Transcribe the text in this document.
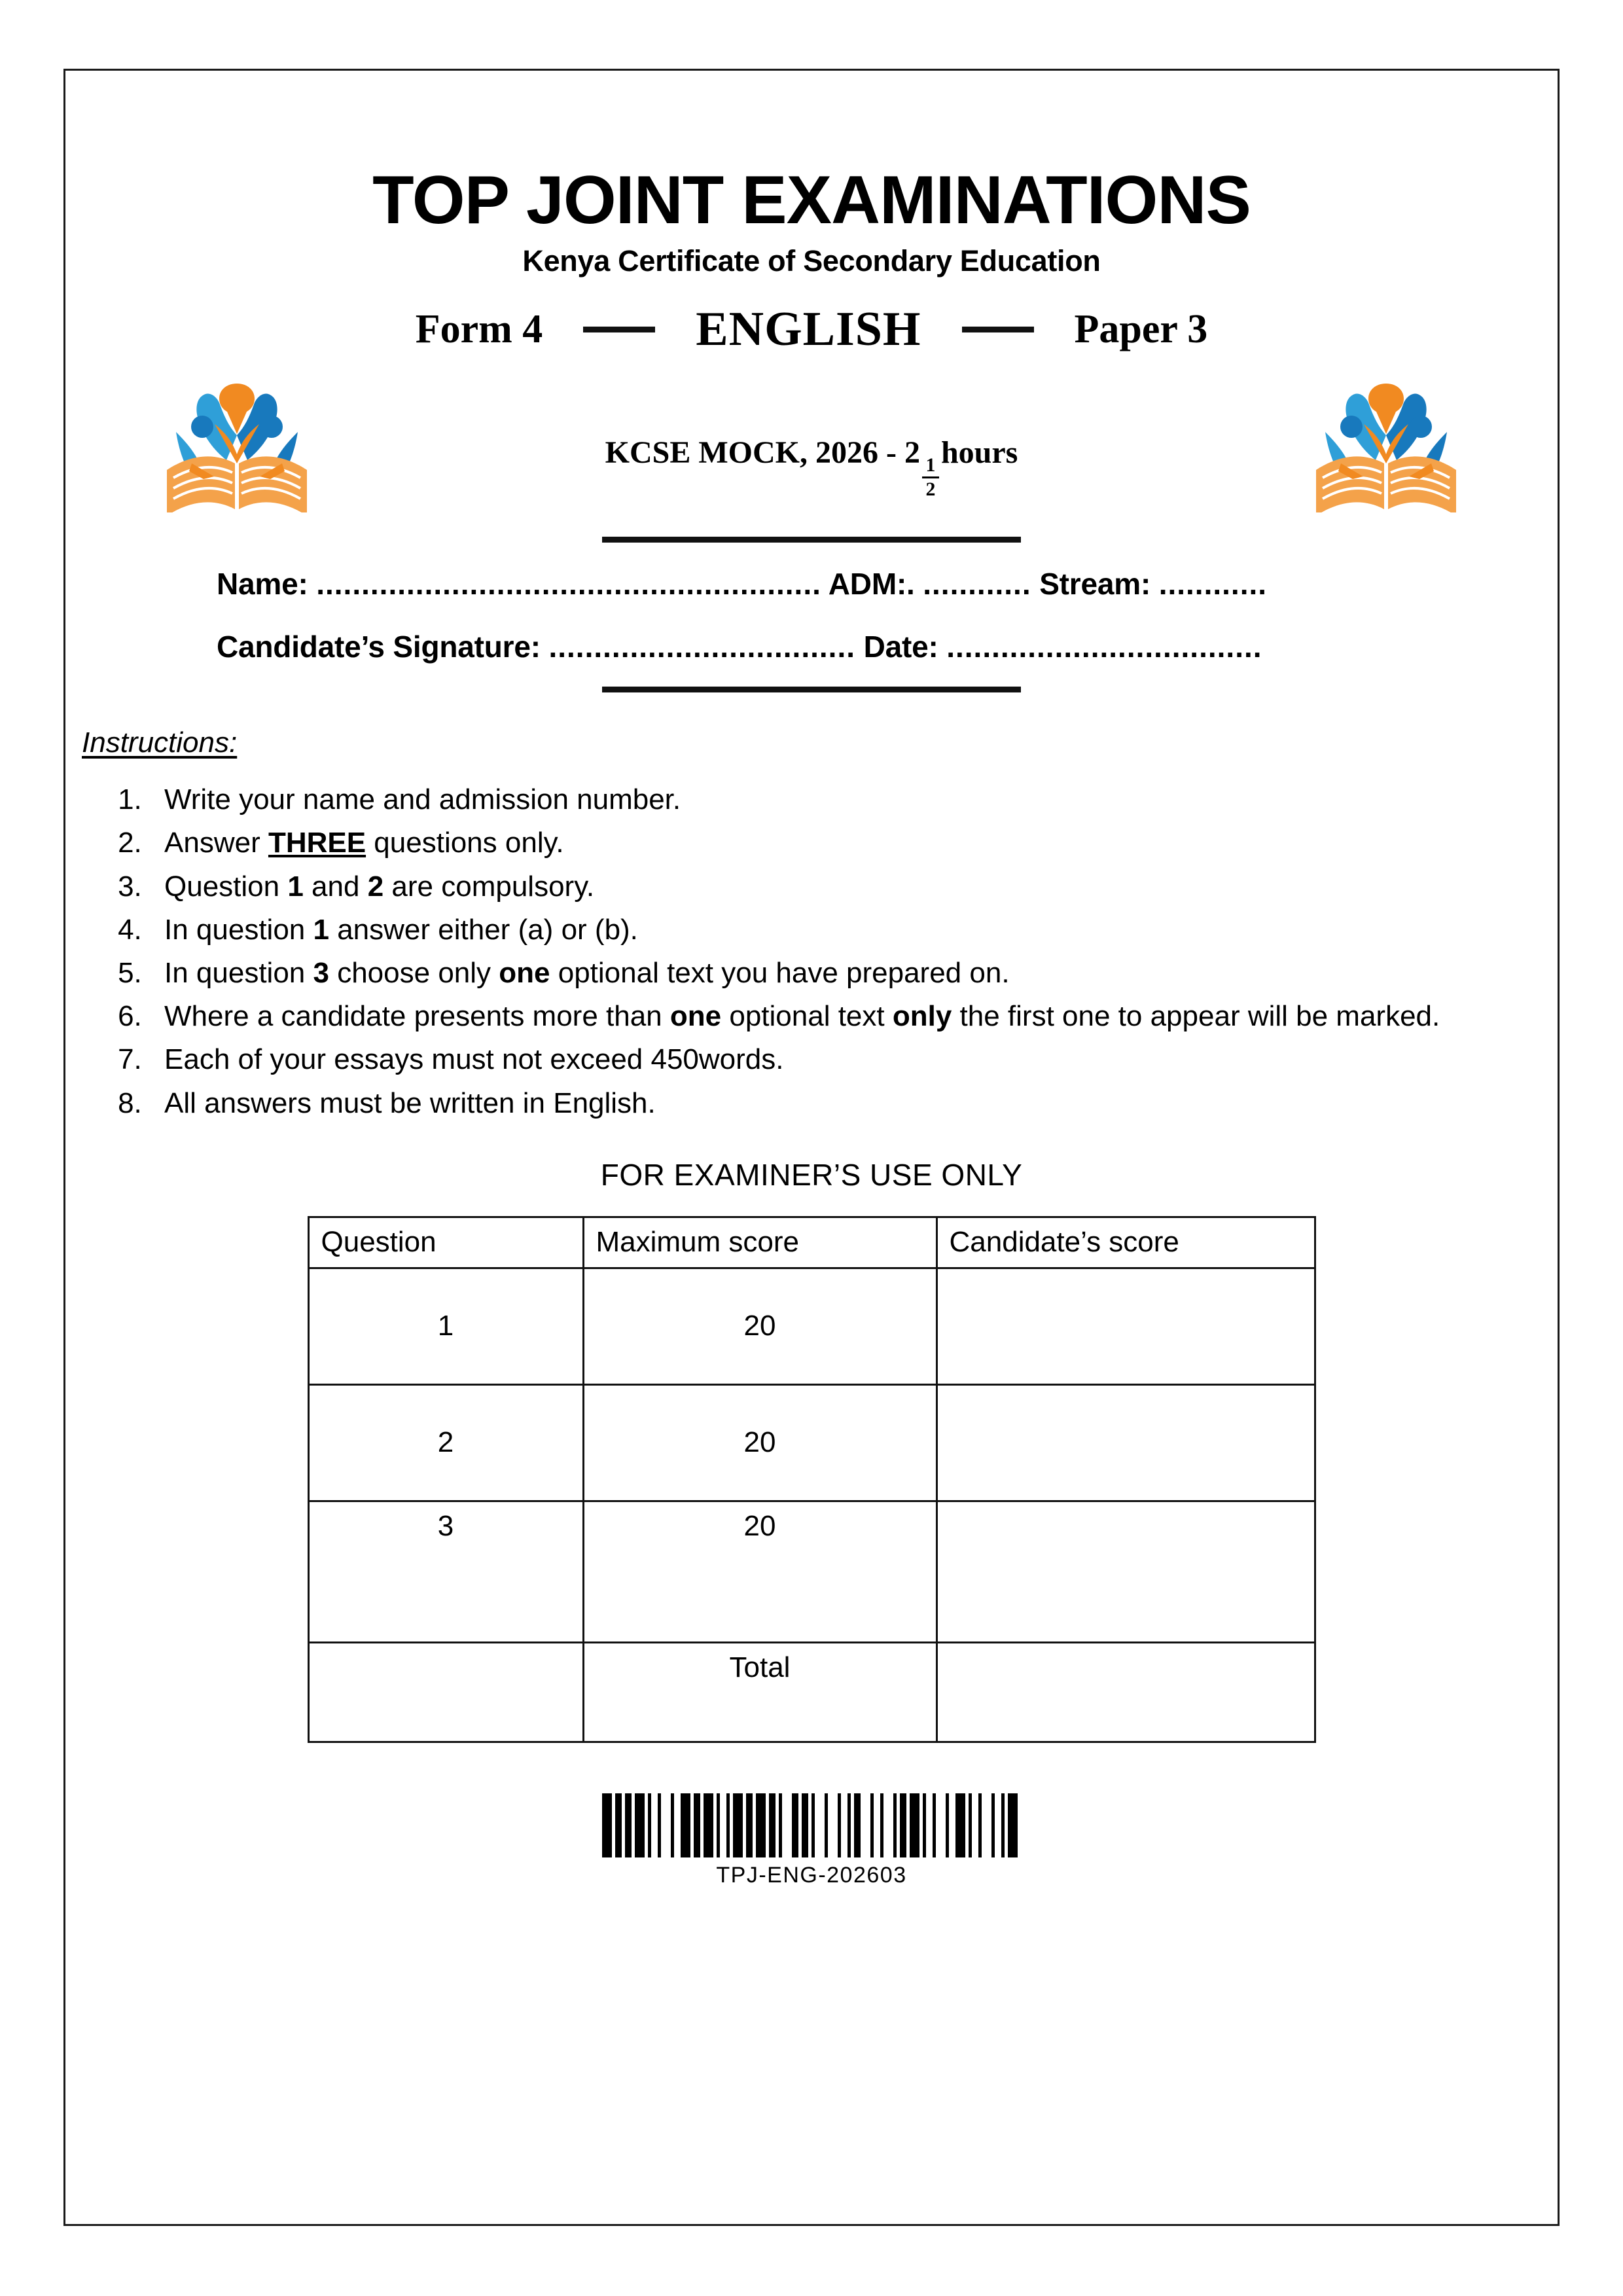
TOP JOINT EXAMINATIONS
Kenya Certificate of Secondary Education
Form 4	ENGLISH	Paper 3
KCSE MOCK, 2026 - 2
$\frac{1}{2}$
hours
Name: ........................................................ ADM:. ............ Stream: ............
Candidate’s Signature: .................................. Date: ...................................
Instructions:
1. Write your name and admission number.
2. Answer THREE questions only.
3. Question 1 and 2 are compulsory.
4. In question 1 answer either (a) or (b).
5. In question 3 choose only one optional text you have prepared on.
6. Where a candidate presents more than one optional text only the first one to appear will be marked.
7. Each of your essays must not exceed 450words.
8. All answers must be written in English.
FOR EXAMINER’S USE ONLY
Question	Maximum score	Candidate’s score
1	20	
2	20	
3	20	
	Total	
TPJ-ENG-202603
